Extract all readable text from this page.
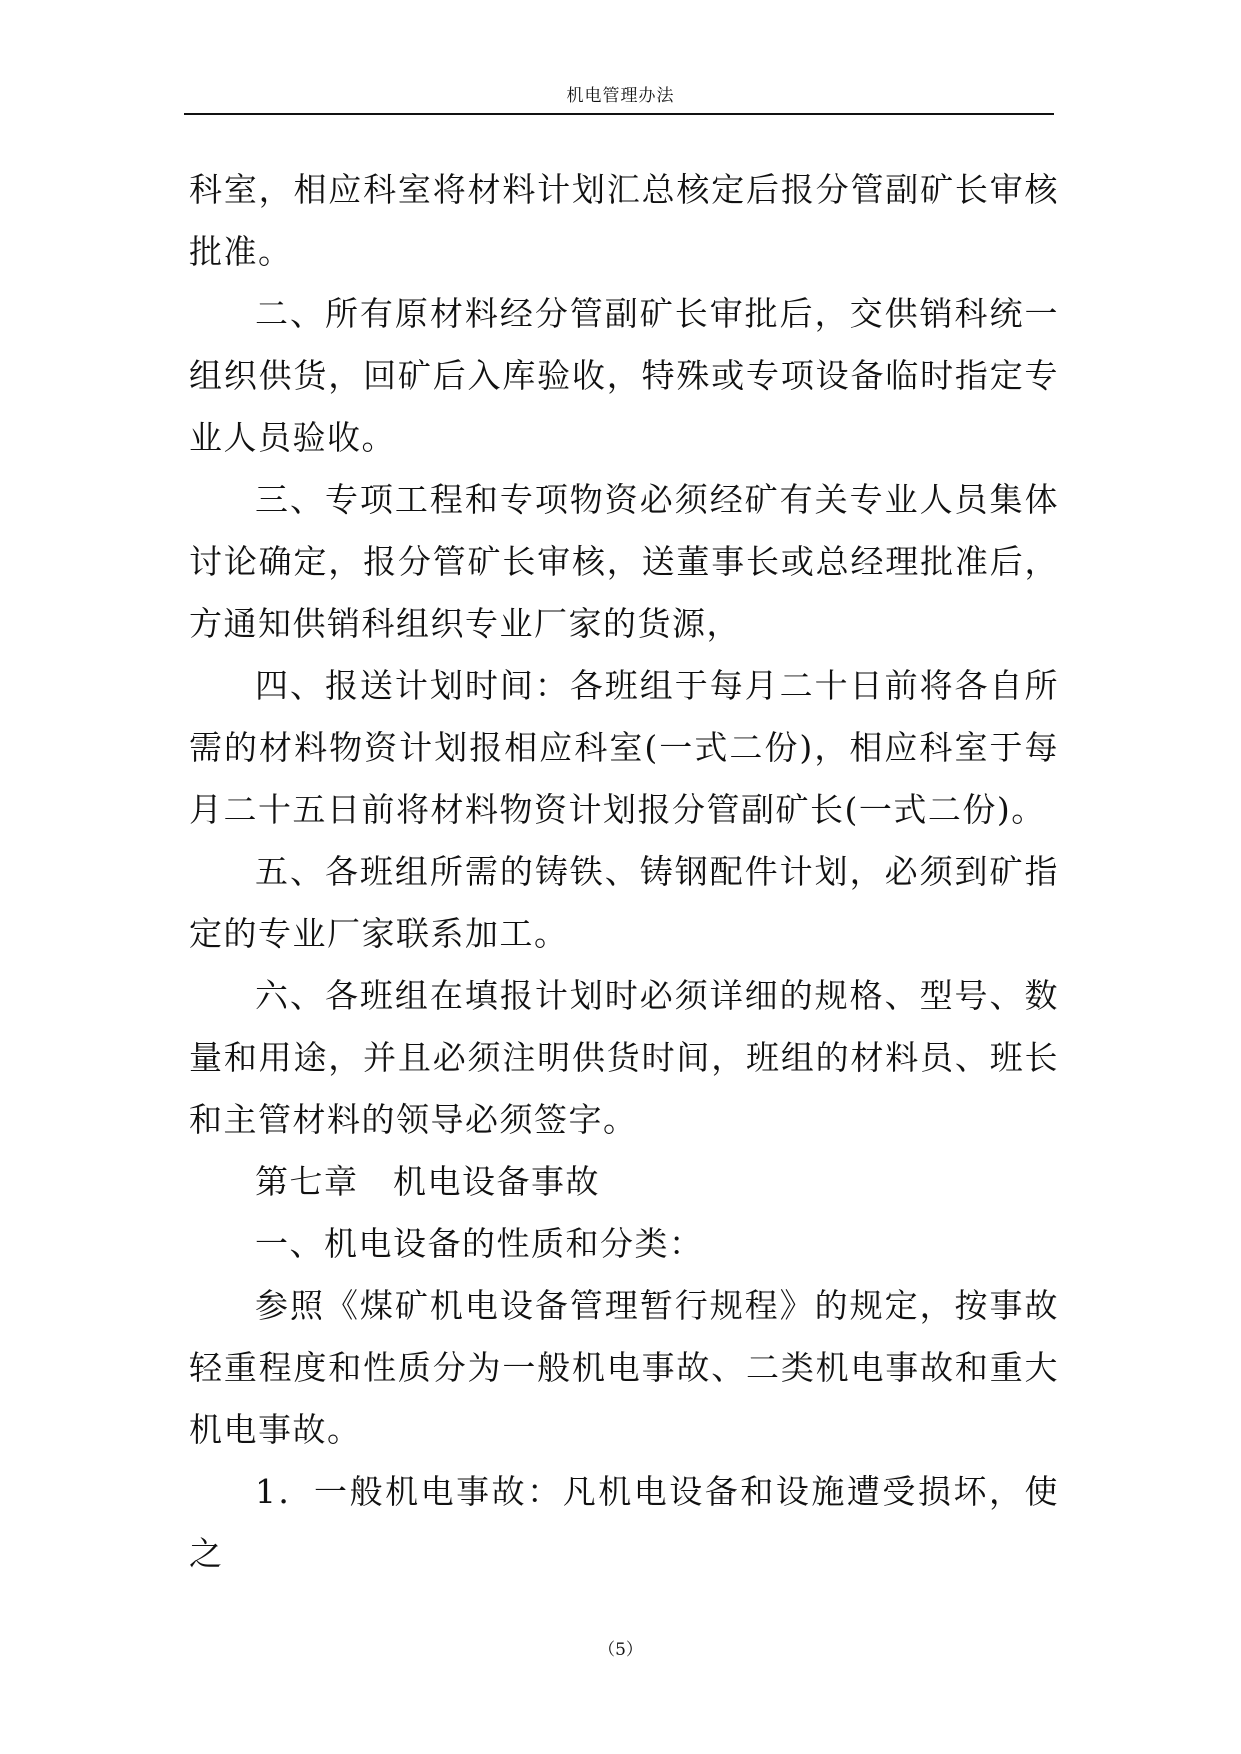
机电管理办法

科室，相应科室将材料计划汇总核定后报分管副矿长审核批准。

二、所有原材料经分管副矿长审批后，交供销科统一组织供货，回矿后入库验收，特殊或专项设备临时指定专业人员验收。

三、专项工程和专项物资必须经矿有关专业人员集体讨论确定，报分管矿长审核，送董事长或总经理批准后，方通知供销科组织专业厂家的货源，

四、报送计划时间：各班组于每月二十日前将各自所需的材料物资计划报相应科室(一式二份)，相应科室于每月二十五日前将材料物资计划报分管副矿长(一式二份)。

五、各班组所需的铸铁、铸钢配件计划，必须到矿指定的专业厂家联系加工。

六、各班组在填报计划时必须详细的规格、型号、数量和用途，并且必须注明供货时间，班组的材料员、班长和主管材料的领导必须签字。

第七章　机电设备事故

一、机电设备的性质和分类：

参照《煤矿机电设备管理暂行规程》的规定，按事故轻重程度和性质分为一般机电事故、二类机电事故和重大机电事故。

1．一般机电事故：凡机电设备和设施遭受损坏，使之

（5）
